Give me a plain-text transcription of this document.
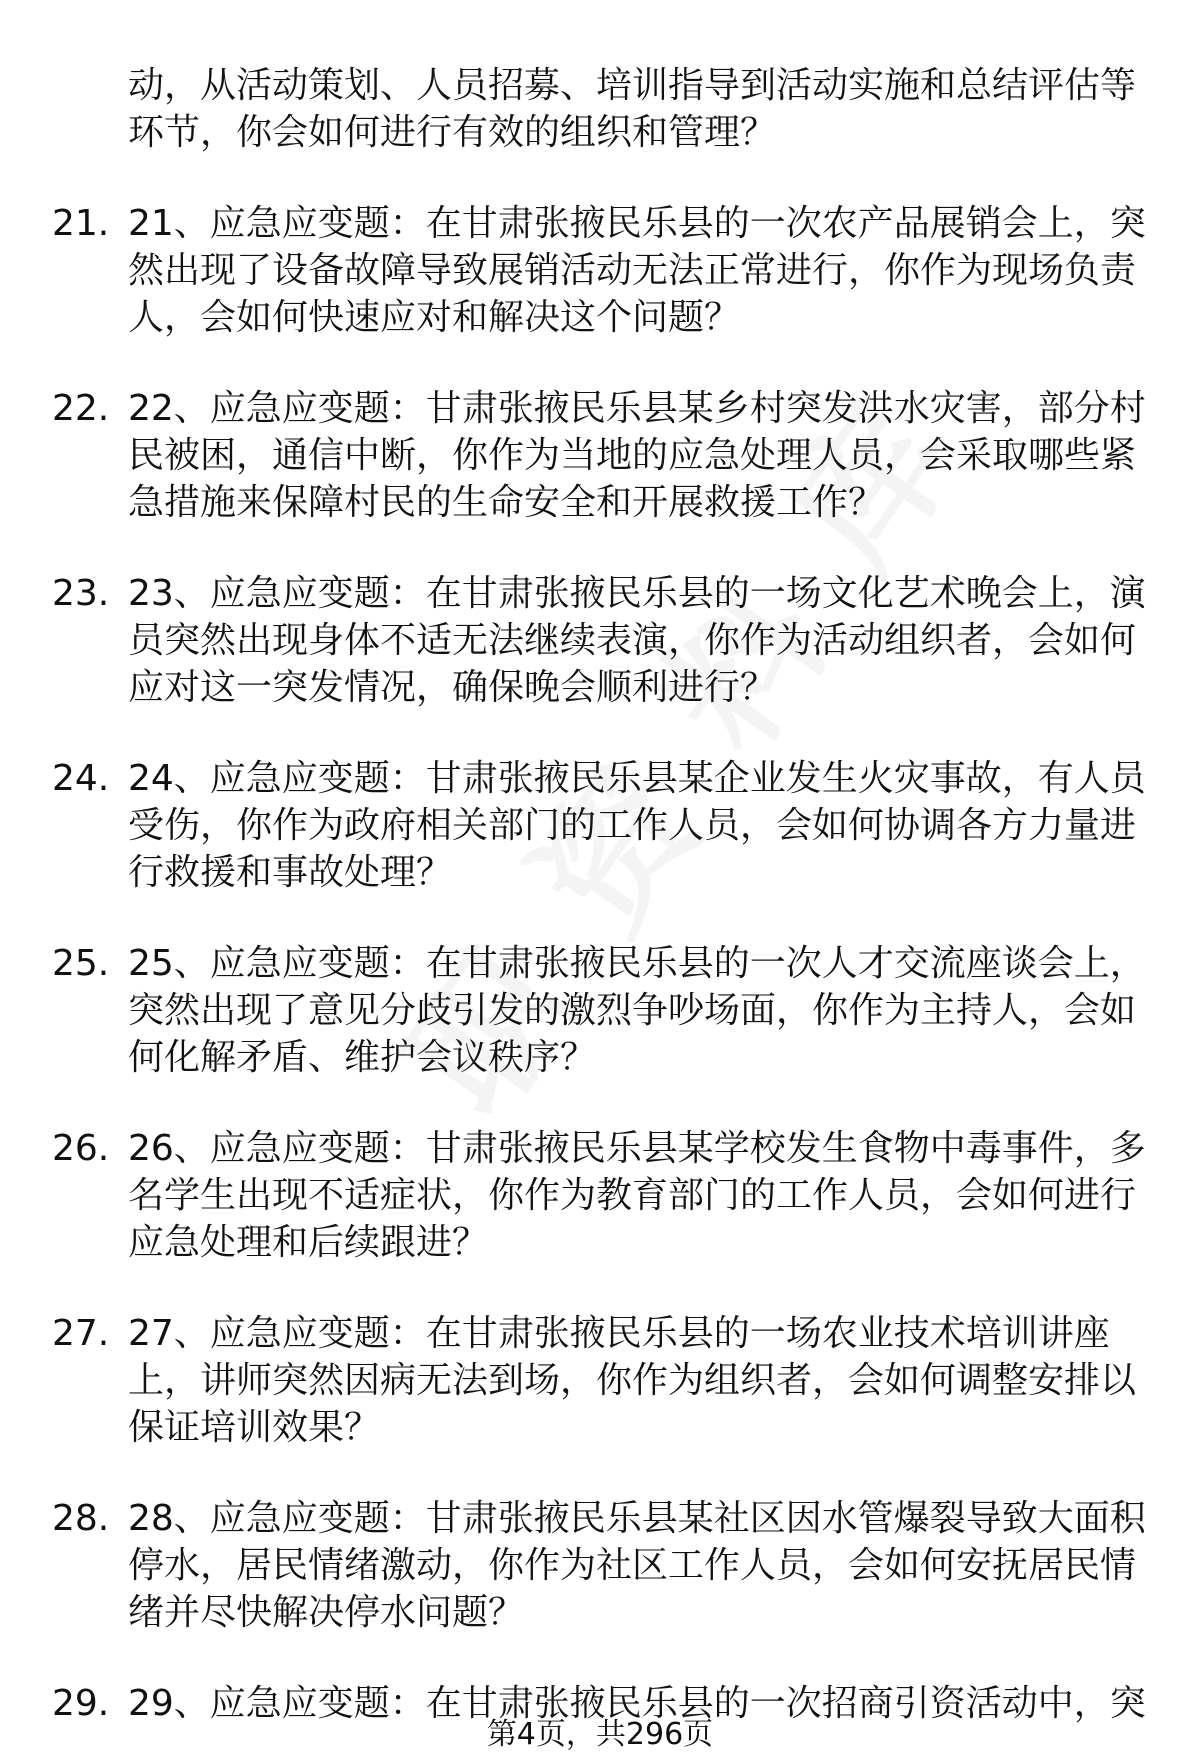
动，从活动策划、人员招募、培训指导到活动实施和总结评估等环节，你会如何进行有效的组织和管理？
21. 21、应急应变题：在甘肃张掖民乐县的一次农产品展销会上，突然出现了设备故障导致展销活动无法正常进行，你作为现场负责人，会如何快速应对和解决这个问题？
22. 22、应急应变题：甘肃张掖民乐县某乡村突发洪水灾害，部分村民被困，通信中断，你作为当地的应急处理人员，会采取哪些紧急措施来保障村民的生命安全和开展救援工作？
23. 23、应急应变题：在甘肃张掖民乐县的一场文化艺术晚会上，演员突然出现身体不适无法继续表演，你作为活动组织者，会如何应对这一突发情况，确保晚会顺利进行？
24. 24、应急应变题：甘肃张掖民乐县某企业发生火灾事故，有人员受伤，你作为政府相关部门的工作人员，会如何协调各方力量进行救援和事故处理？
25. 25、应急应变题：在甘肃张掖民乐县的一次人才交流座谈会上，突然出现了意见分歧引发的激烈争吵场面，你作为主持人，会如何化解矛盾、维护会议秩序？
26. 26、应急应变题：甘肃张掖民乐县某学校发生食物中毒事件，多名学生出现不适症状，你作为教育部门的工作人员，会如何进行应急处理和后续跟进？
27. 27、应急应变题：在甘肃张掖民乐县的一场农业技术培训讲座上，讲师突然因病无法到场，你作为组织者，会如何调整安排以保证培训效果？
28. 28、应急应变题：甘肃张掖民乐县某社区因水管爆裂导致大面积停水，居民情绪激动，你作为社区工作人员，会如何安抚居民情绪并尽快解决停水问题？
29. 29、应急应变题：在甘肃张掖民乐县的一次招商引资活动中，突
第4页，共296页
